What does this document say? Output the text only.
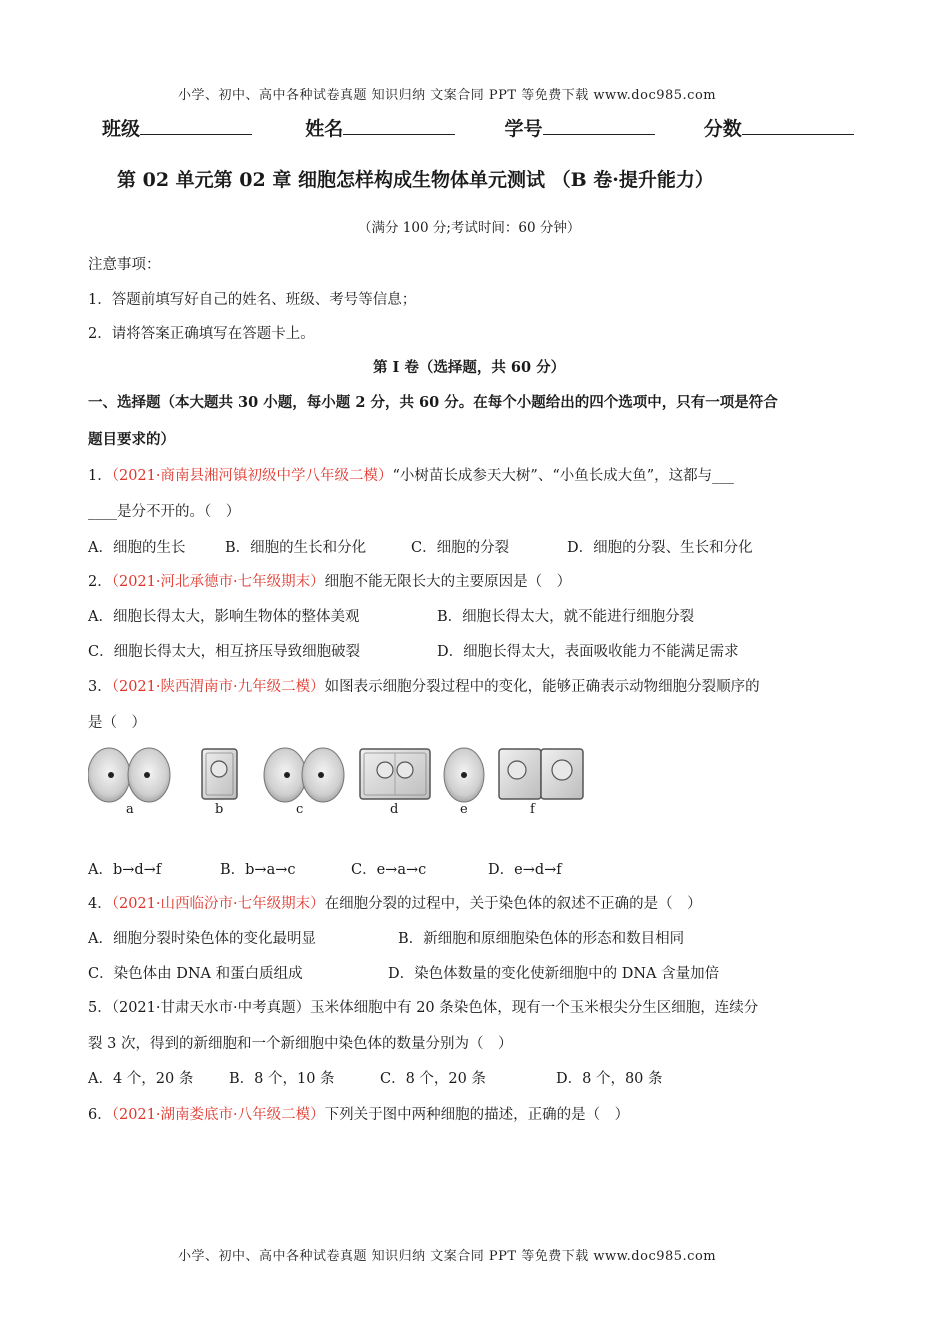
小学、初中、高中各种试卷真题 知识归纳 文案合同 PPT 等免费下载 www.doc985.com
班级	姓名	学号	分数
第 02 单元第 02 章 细胞怎样构成生物体单元测试 （B 卷·提升能力）
（满分 100 分;考试时间：60 分钟）
注意事项：
1．答题前填写好自己的姓名、班级、考号等信息；
2．请将答案正确填写在答题卡上。
第 I 卷（选择题，共 60 分）
一、选择题（本大题共 30 小题，每小题 2 分，共 60 分。在每个小题给出的四个选项中，只有一项是符合
题目要求的）
1．（2021·商南县湘河镇初级中学八年级二模）“小树苗长成参天大树”、“小鱼长成大鱼”，这都与___
____是分不开的。（　）
A．细胞的生长	B．细胞的生长和分化	C．细胞的分裂	D．细胞的分裂、生长和分化
2．（2021·河北承德市·七年级期末）细胞不能无限长大的主要原因是（　）
A．细胞长得太大，影响生物体的整体美观	B．细胞长得太大，就不能进行细胞分裂
C．细胞长得太大，相互挤压导致细胞破裂	D．细胞长得太大，表面吸收能力不能满足需求
3．（2021·陕西渭南市·九年级二模）如图表示细胞分裂过程中的变化，能够正确表示动物细胞分裂顺序的
是（　）
a	b	c	d	e	f
A．b→d→f	B．b→a→c	C．e→a→c	D．e→d→f
4．（2021·山西临汾市·七年级期末）在细胞分裂的过程中，关于染色体的叙述不正确的是（　）
A．细胞分裂时染色体的变化最明显	B．新细胞和原细胞染色体的形态和数目相同
C．染色体由 DNA 和蛋白质组成	D．染色体数量的变化使新细胞中的 DNA 含量加倍
5．（2021·甘肃天水市·中考真题）玉米体细胞中有 20 条染色体，现有一个玉米根尖分生区细胞，连续分
裂 3 次，得到的新细胞和一个新细胞中染色体的数量分别为（　）
A．4 个，20 条 B．8 个，10 条	C．8 个，20 条	D．8 个，80 条
6．（2021·湖南娄底市·八年级二模）下列关于图中两种细胞的描述，正确的是（　）
小学、初中、高中各种试卷真题 知识归纳 文案合同 PPT 等免费下载 www.doc985.com
